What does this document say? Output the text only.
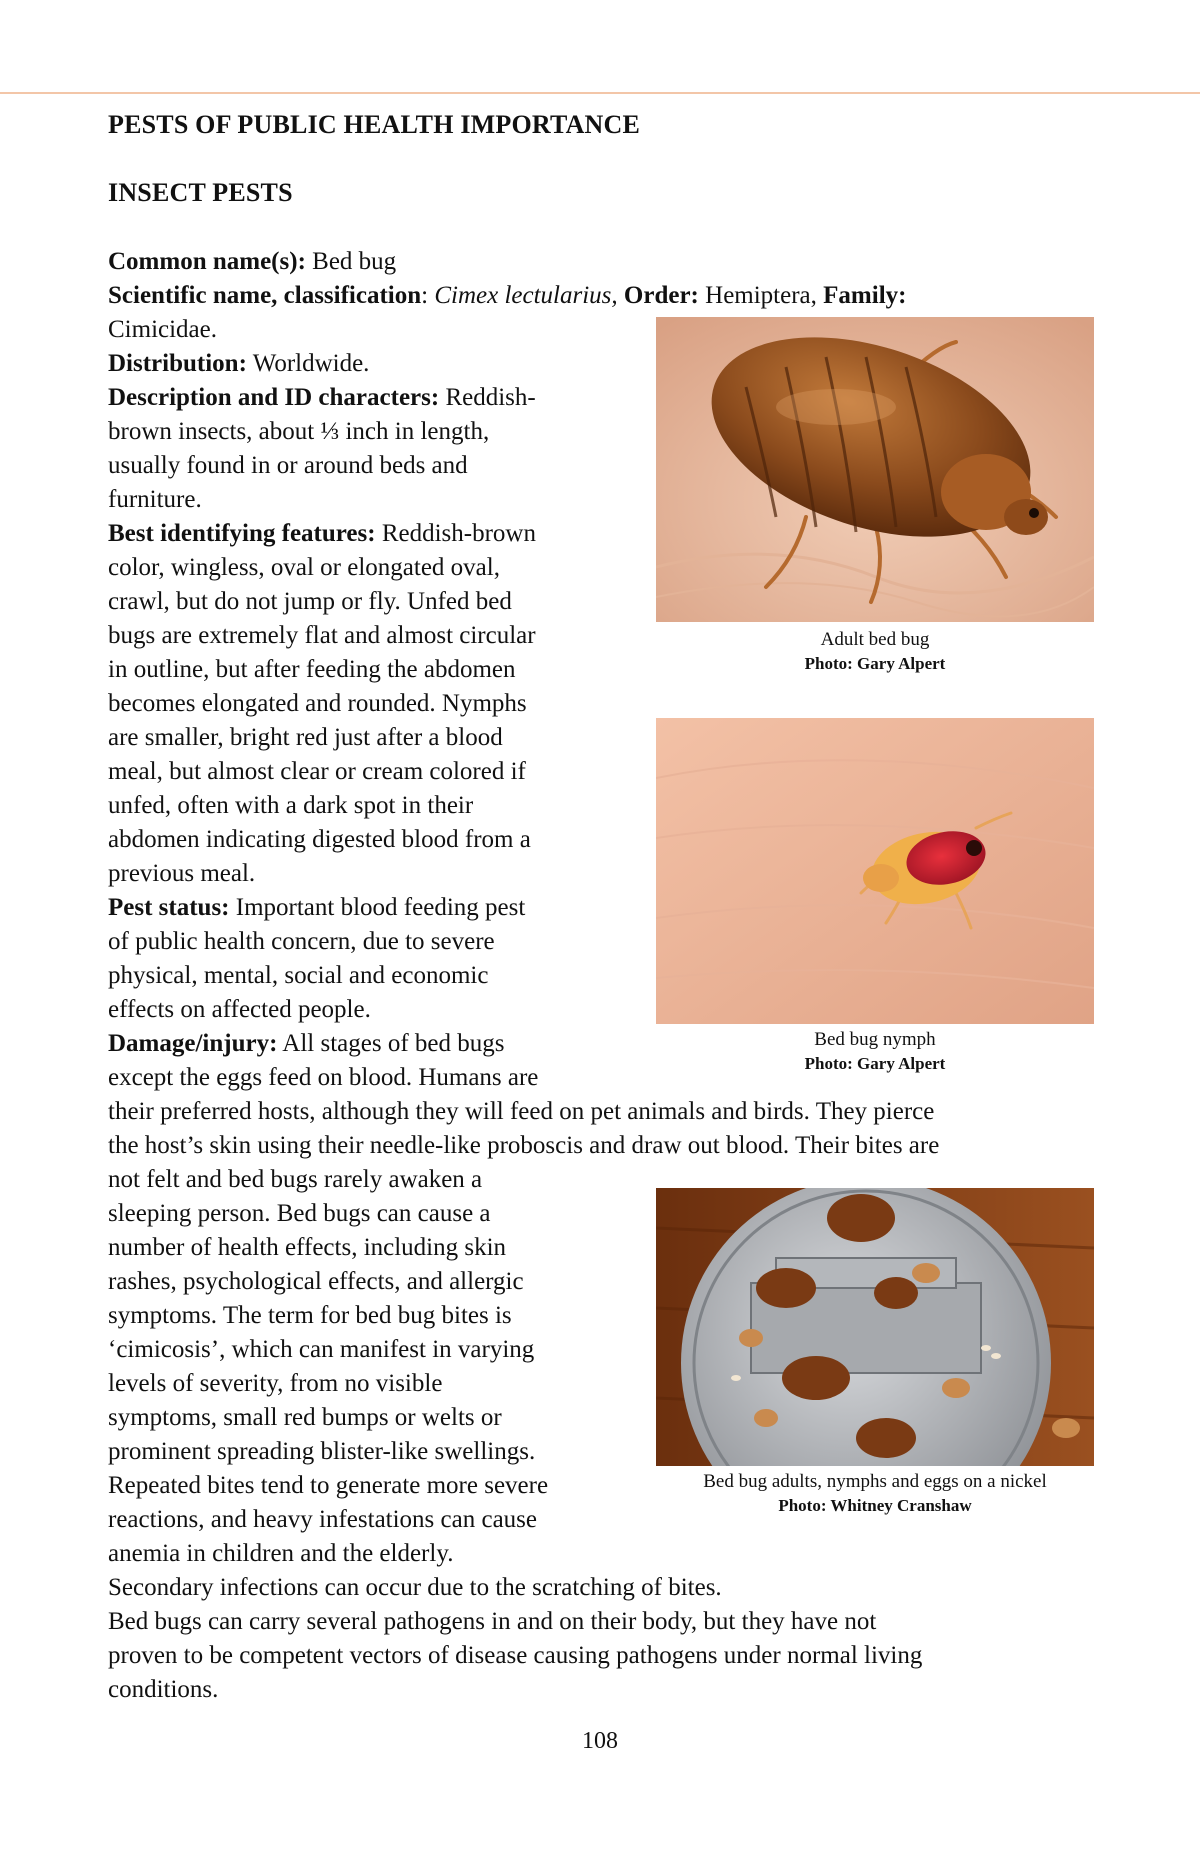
PESTS OF PUBLIC HEALTH IMPORTANCE
INSECT PESTS

Common name(s): Bed bug

Scientific name, classification: Cimex lectularius, Order: Hemiptera, Family:

Cimicidae.

Distribution: Worldwide.

Description and ID characters: Reddish-
brown insects, about ⅓ inch in length,
usually found in or around beds and
furniture.
Best identifying features: Reddish-brown
color, wingless, oval or elongated oval,
crawl, but do not jump or fly. Unfed bed
bugs are extremely flat and almost circular
in outline, but after feeding the abdomen
becomes elongated and rounded. Nymphs
are smaller, bright red just after a blood
meal, but almost clear or cream colored if
unfed, often with a dark spot in their
abdomen indicating digested blood from a
previous meal.
Pest status: Important blood feeding pest
of public health concern, due to severe
physical, mental, social and economic
effects on affected people.
Damage/injury: All stages of bed bugs
except the eggs feed on blood. Humans are
their preferred hosts, although they will feed on pet animals and birds. They pierce
the host’s skin using their needle-like proboscis and draw out blood. Their bites are
not felt and bed bugs rarely awaken a
sleeping person. Bed bugs can cause a
number of health effects, including skin
rashes, psychological effects, and allergic
symptoms. The term for bed bug bites is
‘cimicosis’, which can manifest in varying
levels of severity, from no visible
symptoms, small red bumps or welts or
prominent spreading blister-like swellings.
Repeated bites tend to generate more severe
reactions, and heavy infestations can cause
anemia in children and the elderly.
Secondary infections can occur due to the scratching of bites.
Bed bugs can carry several pathogens in and on their body, but they have not
proven to be competent vectors of disease causing pathogens under normal living
conditions.
Adult bed bug
Photo: Gary Alpert
Bed bug nymph
Photo: Gary Alpert
Bed bug adults, nymphs and eggs on a nickel
Photo: Whitney Cranshaw
108
